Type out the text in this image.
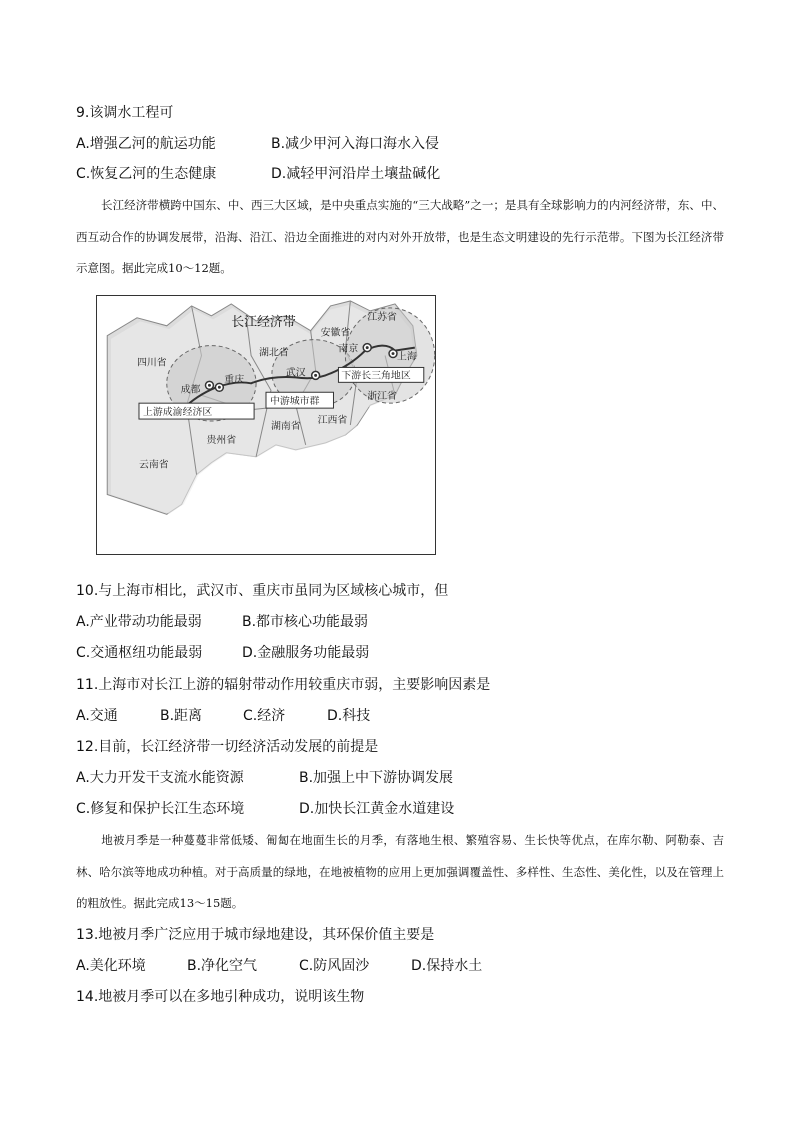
9.该调水工程可
A.增强乙河的航运功能	B.减少甲河入海口海水入侵
C.恢复乙河的生态健康	D.减轻甲河沿岸土壤盐碱化
长江经济带横跨中国东、中、西三大区域，是中央重点实施的“三大战略”之一；是具有全球影响力的内河经济带，东、中、西互动合作的协调发展带，沿海、沿江、沿边全面推进的对内对外开放带，也是生态文明建设的先行示范带。下图为长江经济带示意图。据此完成10～12题。
长江经济带
四川省
湖北省
安徽省
江苏省
贵州省
湖南省
江西省
浙江省
云南省
成都
重庆
武汉
南京
上海
上游成渝经济区
中游城市群
下游长三角地区
10.与上海市相比，武汉市、重庆市虽同为区域核心城市，但
A.产业带动功能最弱	B.都市核心功能最弱
C.交通枢纽功能最弱	D.金融服务功能最弱
11.上海市对长江上游的辐射带动作用较重庆市弱，主要影响因素是
A.交通	B.距离	C.经济	D.科技
12.目前，长江经济带一切经济活动发展的前提是
A.大力开发干支流水能资源	B.加强上中下游协调发展
C.修复和保护长江生态环境	D.加快长江黄金水道建设
地被月季是一种蔓蔓非常低矮、匍匐在地面生长的月季，有落地生根、繁殖容易、生长快等优点，在库尔勒、阿勒泰、吉林、哈尔滨等地成功种植。对于高质量的绿地，在地被植物的应用上更加强调覆盖性、多样性、生态性、美化性，以及在管理上的粗放性。据此完成13～15题。
13.地被月季广泛应用于城市绿地建设，其环保价值主要是
A.美化环境	B.净化空气	C.防风固沙	D.保持水土
14.地被月季可以在多地引种成功，说明该生物
